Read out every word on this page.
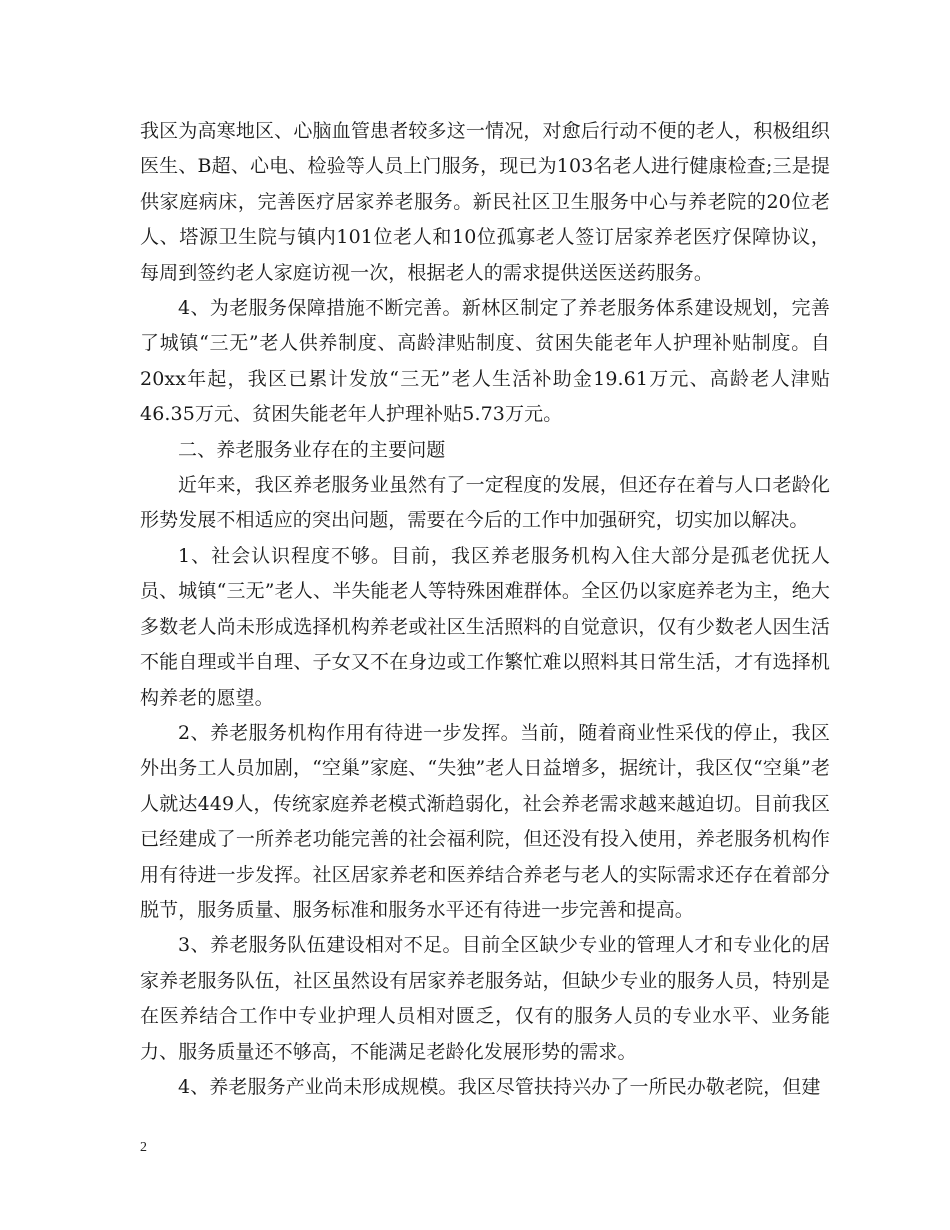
我区为高寒地区、心脑血管患者较多这一情况，对愈后行动不便的老人，积极组织医生、B超、心电、检验等人员上门服务，现已为103名老人进行健康检查;三是提供家庭病床，完善医疗居家养老服务。新民社区卫生服务中心与养老院的20位老人、塔源卫生院与镇内101位老人和10位孤寡老人签订居家养老医疗保障协议，每周到签约老人家庭访视一次，根据老人的需求提供送医送药服务。

4、为老服务保障措施不断完善。新林区制定了养老服务体系建设规划，完善了城镇“三无”老人供养制度、高龄津贴制度、贫困失能老年人护理补贴制度。自20xx年起，我区已累计发放“三无”老人生活补助金19.61万元、高龄老人津贴46.35万元、贫困失能老年人护理补贴5.73万元。

二、养老服务业存在的主要问题

近年来，我区养老服务业虽然有了一定程度的发展，但还存在着与人口老龄化形势发展不相适应的突出问题，需要在今后的工作中加强研究，切实加以解决。

1、社会认识程度不够。目前，我区养老服务机构入住大部分是孤老优抚人员、城镇“三无”老人、半失能老人等特殊困难群体。全区仍以家庭养老为主，绝大多数老人尚未形成选择机构养老或社区生活照料的自觉意识，仅有少数老人因生活不能自理或半自理、子女又不在身边或工作繁忙难以照料其日常生活，才有选择机构养老的愿望。

2、养老服务机构作用有待进一步发挥。当前，随着商业性采伐的停止，我区外出务工人员加剧，“空巢”家庭、“失独”老人日益增多，据统计，我区仅“空巢”老人就达449人，传统家庭养老模式渐趋弱化，社会养老需求越来越迫切。目前我区已经建成了一所养老功能完善的社会福利院，但还没有投入使用，养老服务机构作用有待进一步发挥。社区居家养老和医养结合养老与老人的实际需求还存在着部分脱节，服务质量、服务标准和服务水平还有待进一步完善和提高。

3、养老服务队伍建设相对不足。目前全区缺少专业的管理人才和专业化的居家养老服务队伍，社区虽然设有居家养老服务站，但缺少专业的服务人员，特别是在医养结合工作中专业护理人员相对匮乏，仅有的服务人员的专业水平、业务能力、服务质量还不够高，不能满足老龄化发展形势的需求。

4、养老服务产业尚未形成规模。我区尽管扶持兴办了一所民办敬老院，但建

2
